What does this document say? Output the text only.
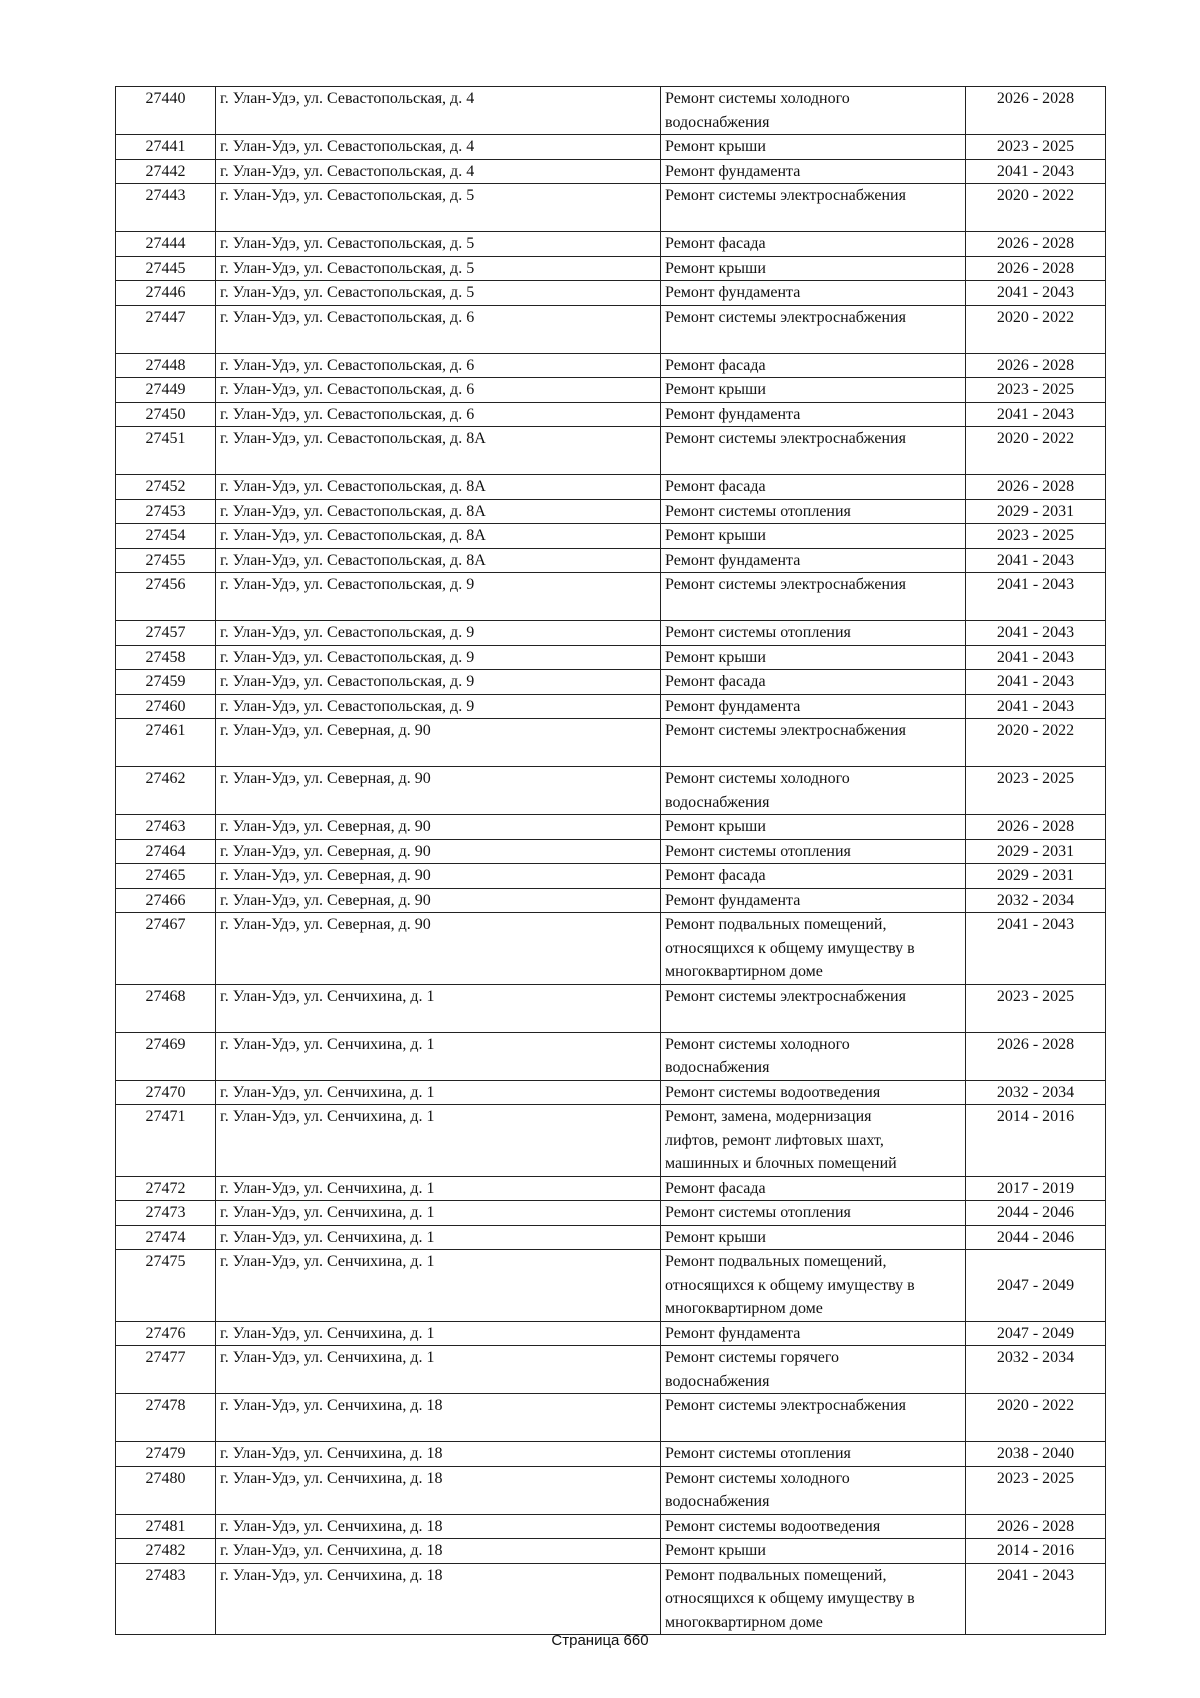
27440	г. Улан-Удэ, ул. Севастопольская, д. 4	Ремонт системы холодного
водоснабжения	2026 - 2028
27441	г. Улан-Удэ, ул. Севастопольская, д. 4	Ремонт крыши	2023 - 2025
27442	г. Улан-Удэ, ул. Севастопольская, д. 4	Ремонт фундамента	2041 - 2043
27443	г. Улан-Удэ, ул. Севастопольская, д. 5	Ремонт системы электроснабжения	2020 - 2022
27444	г. Улан-Удэ, ул. Севастопольская, д. 5	Ремонт фасада	2026 - 2028
27445	г. Улан-Удэ, ул. Севастопольская, д. 5	Ремонт крыши	2026 - 2028
27446	г. Улан-Удэ, ул. Севастопольская, д. 5	Ремонт фундамента	2041 - 2043
27447	г. Улан-Удэ, ул. Севастопольская, д. 6	Ремонт системы электроснабжения	2020 - 2022
27448	г. Улан-Удэ, ул. Севастопольская, д. 6	Ремонт фасада	2026 - 2028
27449	г. Улан-Удэ, ул. Севастопольская, д. 6	Ремонт крыши	2023 - 2025
27450	г. Улан-Удэ, ул. Севастопольская, д. 6	Ремонт фундамента	2041 - 2043
27451	г. Улан-Удэ, ул. Севастопольская, д. 8А	Ремонт системы электроснабжения	2020 - 2022
27452	г. Улан-Удэ, ул. Севастопольская, д. 8А	Ремонт фасада	2026 - 2028
27453	г. Улан-Удэ, ул. Севастопольская, д. 8А	Ремонт системы отопления	2029 - 2031
27454	г. Улан-Удэ, ул. Севастопольская, д. 8А	Ремонт крыши	2023 - 2025
27455	г. Улан-Удэ, ул. Севастопольская, д. 8А	Ремонт фундамента	2041 - 2043
27456	г. Улан-Удэ, ул. Севастопольская, д. 9	Ремонт системы электроснабжения	2041 - 2043
27457	г. Улан-Удэ, ул. Севастопольская, д. 9	Ремонт системы отопления	2041 - 2043
27458	г. Улан-Удэ, ул. Севастопольская, д. 9	Ремонт крыши	2041 - 2043
27459	г. Улан-Удэ, ул. Севастопольская, д. 9	Ремонт фасада	2041 - 2043
27460	г. Улан-Удэ, ул. Севастопольская, д. 9	Ремонт фундамента	2041 - 2043
27461	г. Улан-Удэ, ул. Северная, д. 90	Ремонт системы электроснабжения	2020 - 2022
27462	г. Улан-Удэ, ул. Северная, д. 90	Ремонт системы холодного
водоснабжения	2023 - 2025
27463	г. Улан-Удэ, ул. Северная, д. 90	Ремонт крыши	2026 - 2028
27464	г. Улан-Удэ, ул. Северная, д. 90	Ремонт системы отопления	2029 - 2031
27465	г. Улан-Удэ, ул. Северная, д. 90	Ремонт фасада	2029 - 2031
27466	г. Улан-Удэ, ул. Северная, д. 90	Ремонт фундамента	2032 - 2034
27467	г. Улан-Удэ, ул. Северная, д. 90	Ремонт подвальных помещений,
относящихся к общему имуществу в
многоквартирном доме	2041 - 2043
27468	г. Улан-Удэ, ул. Сенчихина, д. 1	Ремонт системы электроснабжения	2023 - 2025
27469	г. Улан-Удэ, ул. Сенчихина, д. 1	Ремонт системы холодного
водоснабжения	2026 - 2028
27470	г. Улан-Удэ, ул. Сенчихина, д. 1	Ремонт системы водоотведения	2032 - 2034
27471	г. Улан-Удэ, ул. Сенчихина, д. 1	Ремонт, замена, модернизация
лифтов, ремонт лифтовых шахт,
машинных и блочных помещений	2014 - 2016
27472	г. Улан-Удэ, ул. Сенчихина, д. 1	Ремонт фасада	2017 - 2019
27473	г. Улан-Удэ, ул. Сенчихина, д. 1	Ремонт системы отопления	2044 - 2046
27474	г. Улан-Удэ, ул. Сенчихина, д. 1	Ремонт крыши	2044 - 2046
27475	г. Улан-Удэ, ул. Сенчихина, д. 1	Ремонт подвальных помещений,
относящихся к общему имуществу в
многоквартирном доме	2047 - 2049
27476	г. Улан-Удэ, ул. Сенчихина, д. 1	Ремонт фундамента	2047 - 2049
27477	г. Улан-Удэ, ул. Сенчихина, д. 1	Ремонт системы горячего
водоснабжения	2032 - 2034
27478	г. Улан-Удэ, ул. Сенчихина, д. 18	Ремонт системы электроснабжения	2020 - 2022
27479	г. Улан-Удэ, ул. Сенчихина, д. 18	Ремонт системы отопления	2038 - 2040
27480	г. Улан-Удэ, ул. Сенчихина, д. 18	Ремонт системы холодного
водоснабжения	2023 - 2025
27481	г. Улан-Удэ, ул. Сенчихина, д. 18	Ремонт системы водоотведения	2026 - 2028
27482	г. Улан-Удэ, ул. Сенчихина, д. 18	Ремонт крыши	2014 - 2016
27483	г. Улан-Удэ, ул. Сенчихина, д. 18	Ремонт подвальных помещений,
относящихся к общему имуществу в
многоквартирном доме	2041 - 2043
Страница 660
